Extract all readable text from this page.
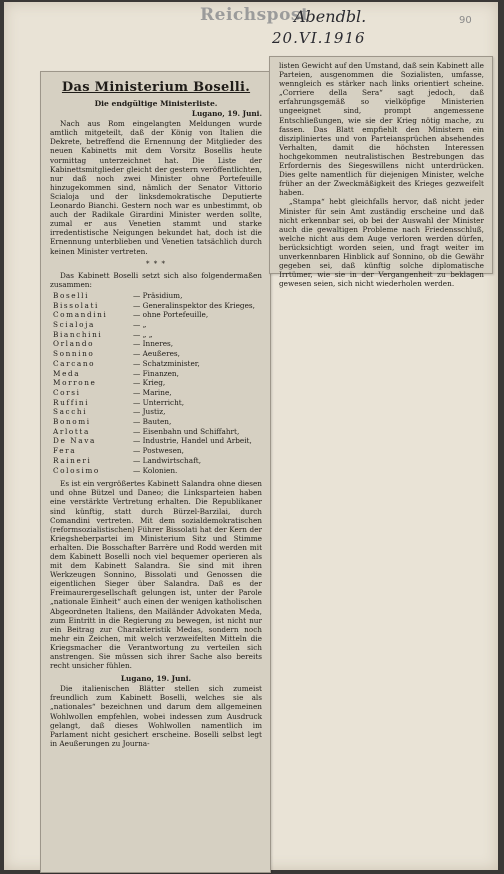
Reichspost
Abendbl.
20.VI.1916
90
Das Ministerium Boselli.
Die endgültige Ministerliste.
Lugano, 19. Juni.

Nach aus Rom eingelangten Meldungen wurde amtlich mitgeteilt, daß der König von Italien die Dekrete, betreffend die Ernennung der Mitglieder des neuen Kabinetts mit dem Vorsitz Bosellis heute vormittag unterzeichnet hat. Die Liste der Kabinettsmitglieder gleicht der gestern veröffentlichten, nur daß noch zwei Minister ohne Portefeuille hinzugekommen sind, nämlich der Senator Vittorio Scialoja und der linksdemokratische Deputierte Leonardo Bianchi. Gestern noch war es unbestimmt, ob auch der Radikale Girardini Minister werden sollte, zumal er aus Venetien stammt und starke irredentistische Neigungen bekundet hat, doch ist die Ernennung unterblieben und Venetien tatsächlich durch keinen Minister vertreten.

* * *

Das Kabinett Boselli setzt sich also folgendermaßen zusammen:

Boselli	— Präsidium,
Bissolati	— Generalinspektor des Krieges,
Comandini	— ohne Portefeuille,
Scialoja	— „
Bianchini	— „ „
Orlando	— Inneres,
Sonnino	— Aeußeres,
Carcano	— Schatzminister,
Meda	— Finanzen,
Morrone	— Krieg,
Corsi	— Marine,
Ruffini	— Unterricht,
Sacchi	— Justiz,
Bonomi	— Bauten,
Arlotta	— Eisenbahn und Schiffahrt,
De Nava	— Industrie, Handel und Arbeit,
Fera	— Postwesen,
Raineri	— Landwirtschaft,
Colosimo	— Kolonien.

Es ist ein vergrößertes Kabinett Salandra ohne diesen und ohne Bützel und Daneo; die Linksparteien haben eine verstärkte Vertretung erhalten. Die Republikaner sind künftig, statt durch Bürzel-Barzilai, durch Comandini vertreten. Mit dem sozialdemokratischen (reformsozialistischen) Führer Bissolati hat der Kern der Kriegsheberpartei im Ministerium Sitz und Stimme erhalten. Die Bosschafter Barrère und Rodd werden mit dem Kabinett Boselli noch viel bequemer operieren als mit dem Kabinett Salandra. Sie sind mit ihren Werkzeugen Sonnino, Bissolati und Genossen die eigentlichen Sieger über Salandra. Daß es der Freimaurergesellschaft gelungen ist, unter der Parole „nationale Einheit“ auch einen der wenigen katholischen Abgeordneten Italiens, den Mailänder Advokaten Meda, zum Eintritt in die Regierung zu bewegen, ist nicht nur ein Beitrag zur Charakteristik Medas, sondern noch mehr ein Zeichen, mit welch verzweifelten Mitteln die Kriegsmacher die Verantwortung zu verteilen sich anstrengen. Sie müssen sich ihrer Sache also bereits recht unsicher fühlen.

Lugano, 19. Juni.

Die italienischen Blätter stellen sich zumeist freundlich zum Kabinett Boselli, welches sie als „nationales“ bezeichnen und darum dem allgemeinen Wohlwollen empfehlen, wobei indessen zum Ausdruck gelangt, daß dieses Wohlwollen namentlich im Parlament nicht gesichert erscheine. Boselli selbst legt in Aeußerungen zu Journa-

listen Gewicht auf den Umstand, daß sein Kabinett alle Parteien, ausgenommen die Sozialisten, umfasse, wenngleich es stärker nach links orientiert scheine. „Corriere della Sera“ sagt jedoch, daß erfahrungsgemäß so vielköpfige Ministerien ungeeignet sind, prompt angemessene Entschließungen, wie sie der Krieg nötig mache, zu fassen. Das Blatt empfiehlt den Ministern ein diszipliniertes und von Parteiansprüchen absehendes Verhalten, damit die höchsten Interessen hochgekommen neutralistischen Bestrebungen das Erfordernis des Siegeswillens nicht unterdrücken. Dies gelte namentlich für diejenigen Minister, welche früher an der Zweckmäßigkeit des Krieges gezweifelt haben.

„Stampa“ hebt gleichfalls hervor, daß nicht jeder Minister für sein Amt zuständig erscheine und daß nicht erkennbar sei, ob bei der Auswahl der Minister auch die gewaltigen Probleme nach Friedensschluß, welche nicht aus dem Auge verloren werden dürfen, berücksichtigt worden seien, und fragt weiter im unverkennbaren Hinblick auf Sonnino, ob die Gewähr gegeben sei, daß künftig solche diplomatische Irrtümer, wie sie in der Vergangenheit zu beklagen gewesen seien, sich nicht wiederholen werden.
